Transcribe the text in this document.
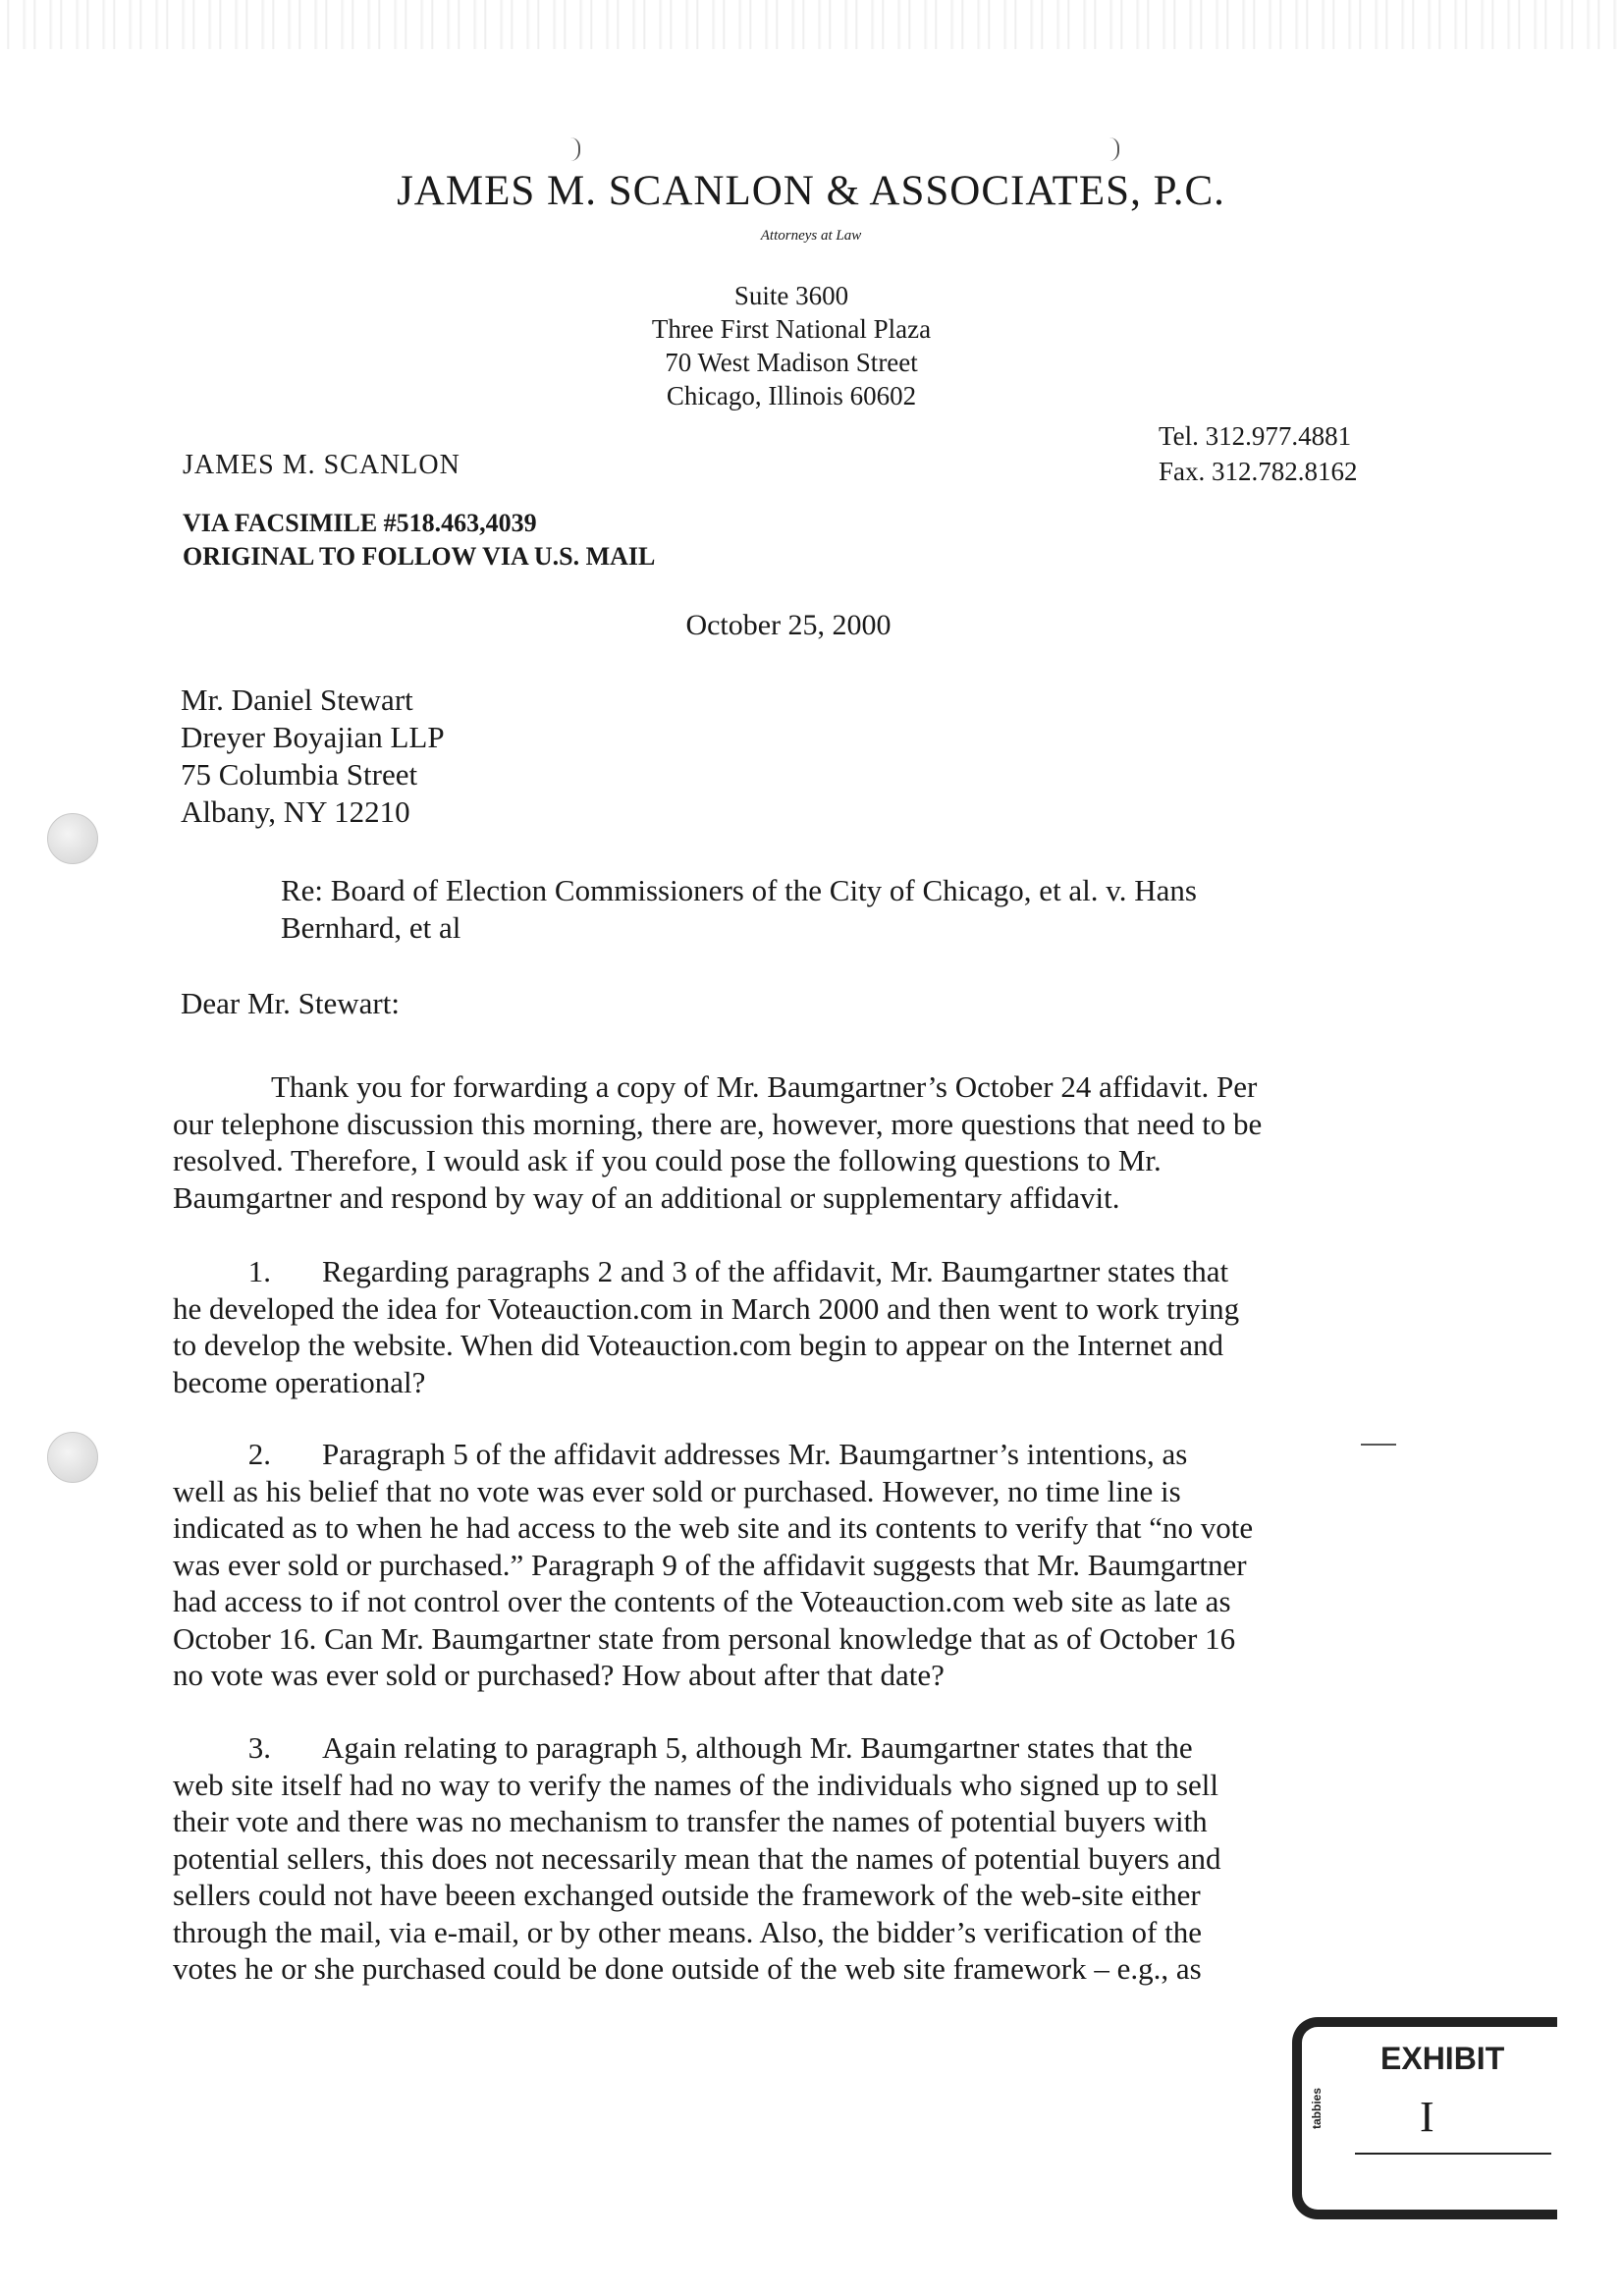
JAMES M. SCANLON & ASSOCIATES, P.C.
Attorneys at Law
Suite 3600
Three First National Plaza
70 West Madison Street
Chicago, Illinois 60602
JAMES M. SCANLON
Tel. 312.977.4881
Fax. 312.782.8162
VIA FACSIMILE #518.463,4039
ORIGINAL TO FOLLOW VIA U.S. MAIL
October 25, 2000
Mr. Daniel Stewart
Dreyer Boyajian LLP
75 Columbia Street
Albany, NY 12210
Re: Board of Election Commissioners of the City of Chicago, et al. v. Hans
Bernhard, et al
Dear Mr. Stewart:
Thank you for forwarding a copy of Mr. Baumgartner’s October 24 affidavit. Per
our telephone discussion this morning, there are, however, more questions that need to be
resolved. Therefore, I would ask if you could pose the following questions to Mr.
Baumgartner and respond by way of an additional or supplementary affidavit.
1. Regarding paragraphs 2 and 3 of the affidavit, Mr. Baumgartner states that
he developed the idea for Voteauction.com in March 2000 and then went to work trying
to develop the website. When did Voteauction.com begin to appear on the Internet and
become operational?
2. Paragraph 5 of the affidavit addresses Mr. Baumgartner’s intentions, as
well as his belief that no vote was ever sold or purchased. However, no time line is
indicated as to when he had access to the web site and its contents to verify that “no vote
was ever sold or purchased.” Paragraph 9 of the affidavit suggests that Mr. Baumgartner
had access to if not control over the contents of the Voteauction.com web site as late as
October 16. Can Mr. Baumgartner state from personal knowledge that as of October 16
no vote was ever sold or purchased? How about after that date?
3. Again relating to paragraph 5, although Mr. Baumgartner states that the
web site itself had no way to verify the names of the individuals who signed up to sell
their vote and there was no mechanism to transfer the names of potential buyers with
potential sellers, this does not necessarily mean that the names of potential buyers and
sellers could not have beeen exchanged outside the framework of the web-site either
through the mail, via e-mail, or by other means. Also, the bidder’s verification of the
votes he or she purchased could be done outside of the web site framework – e.g., as
EXHIBIT
tabbies I
